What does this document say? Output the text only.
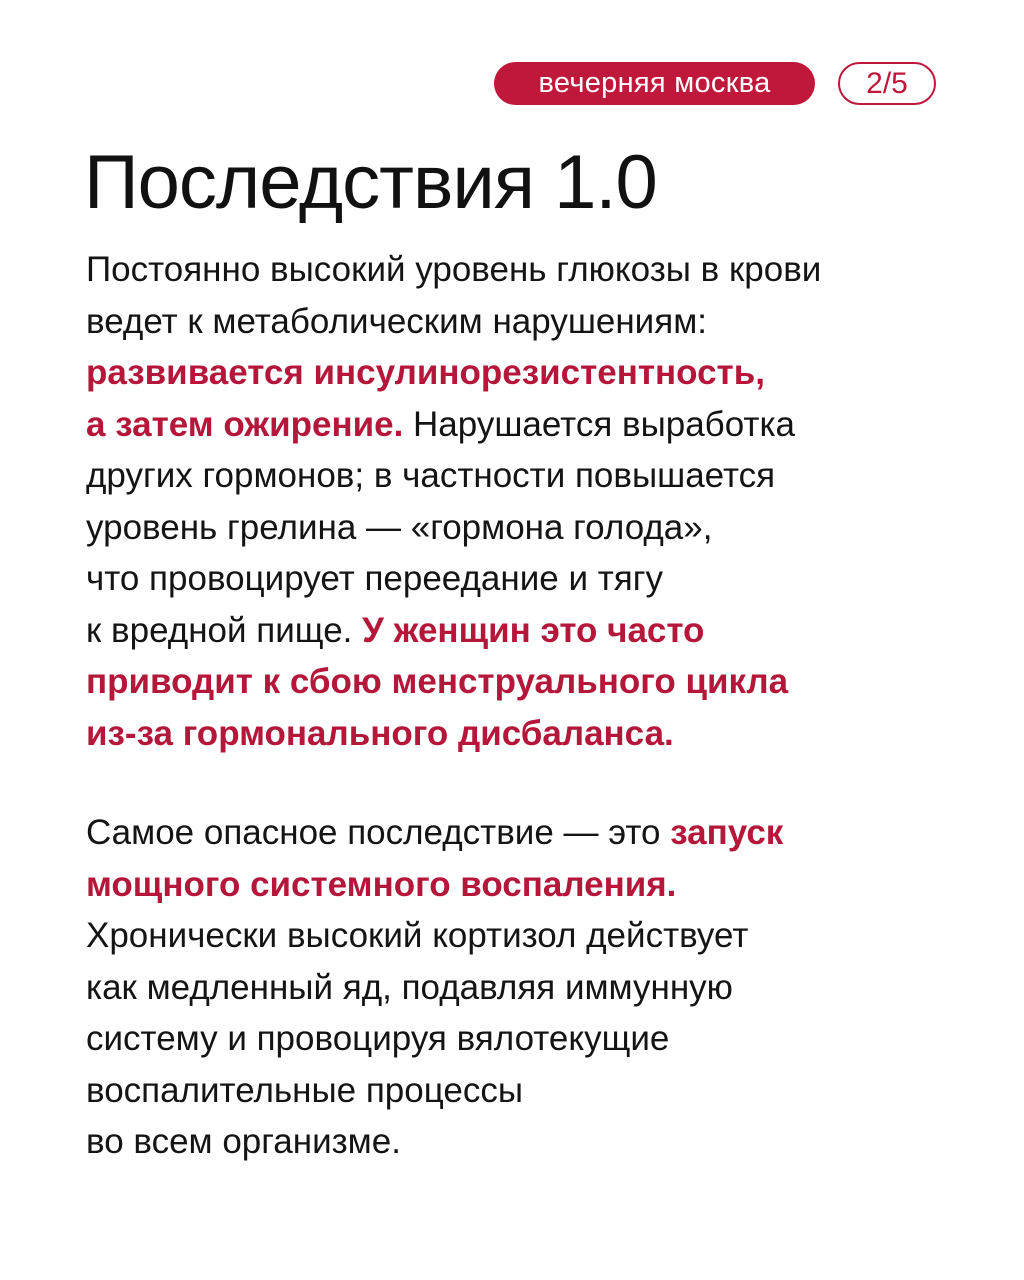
вечерняя москва	2/5
Последствия 1.0

Постоянно высокий уровень глюкозы в крови
ведет к метаболическим нарушениям:
развивается инсулинорезистентность,
а затем ожирение. Нарушается выработка
других гормонов; в частности повышается
уровень грелина — «гормона голода»,
что провоцирует переедание и тягу
к вредной пище. У женщин это часто
приводит к сбою менструального цикла
из-за гормонального дисбаланса.

Самое опасное последствие — это запуск
мощного системного воспаления.
Хронически высокий кортизол действует
как медленный яд, подавляя иммунную
систему и провоцируя вялотекущие
воспалительные процессы
во всем организме.
